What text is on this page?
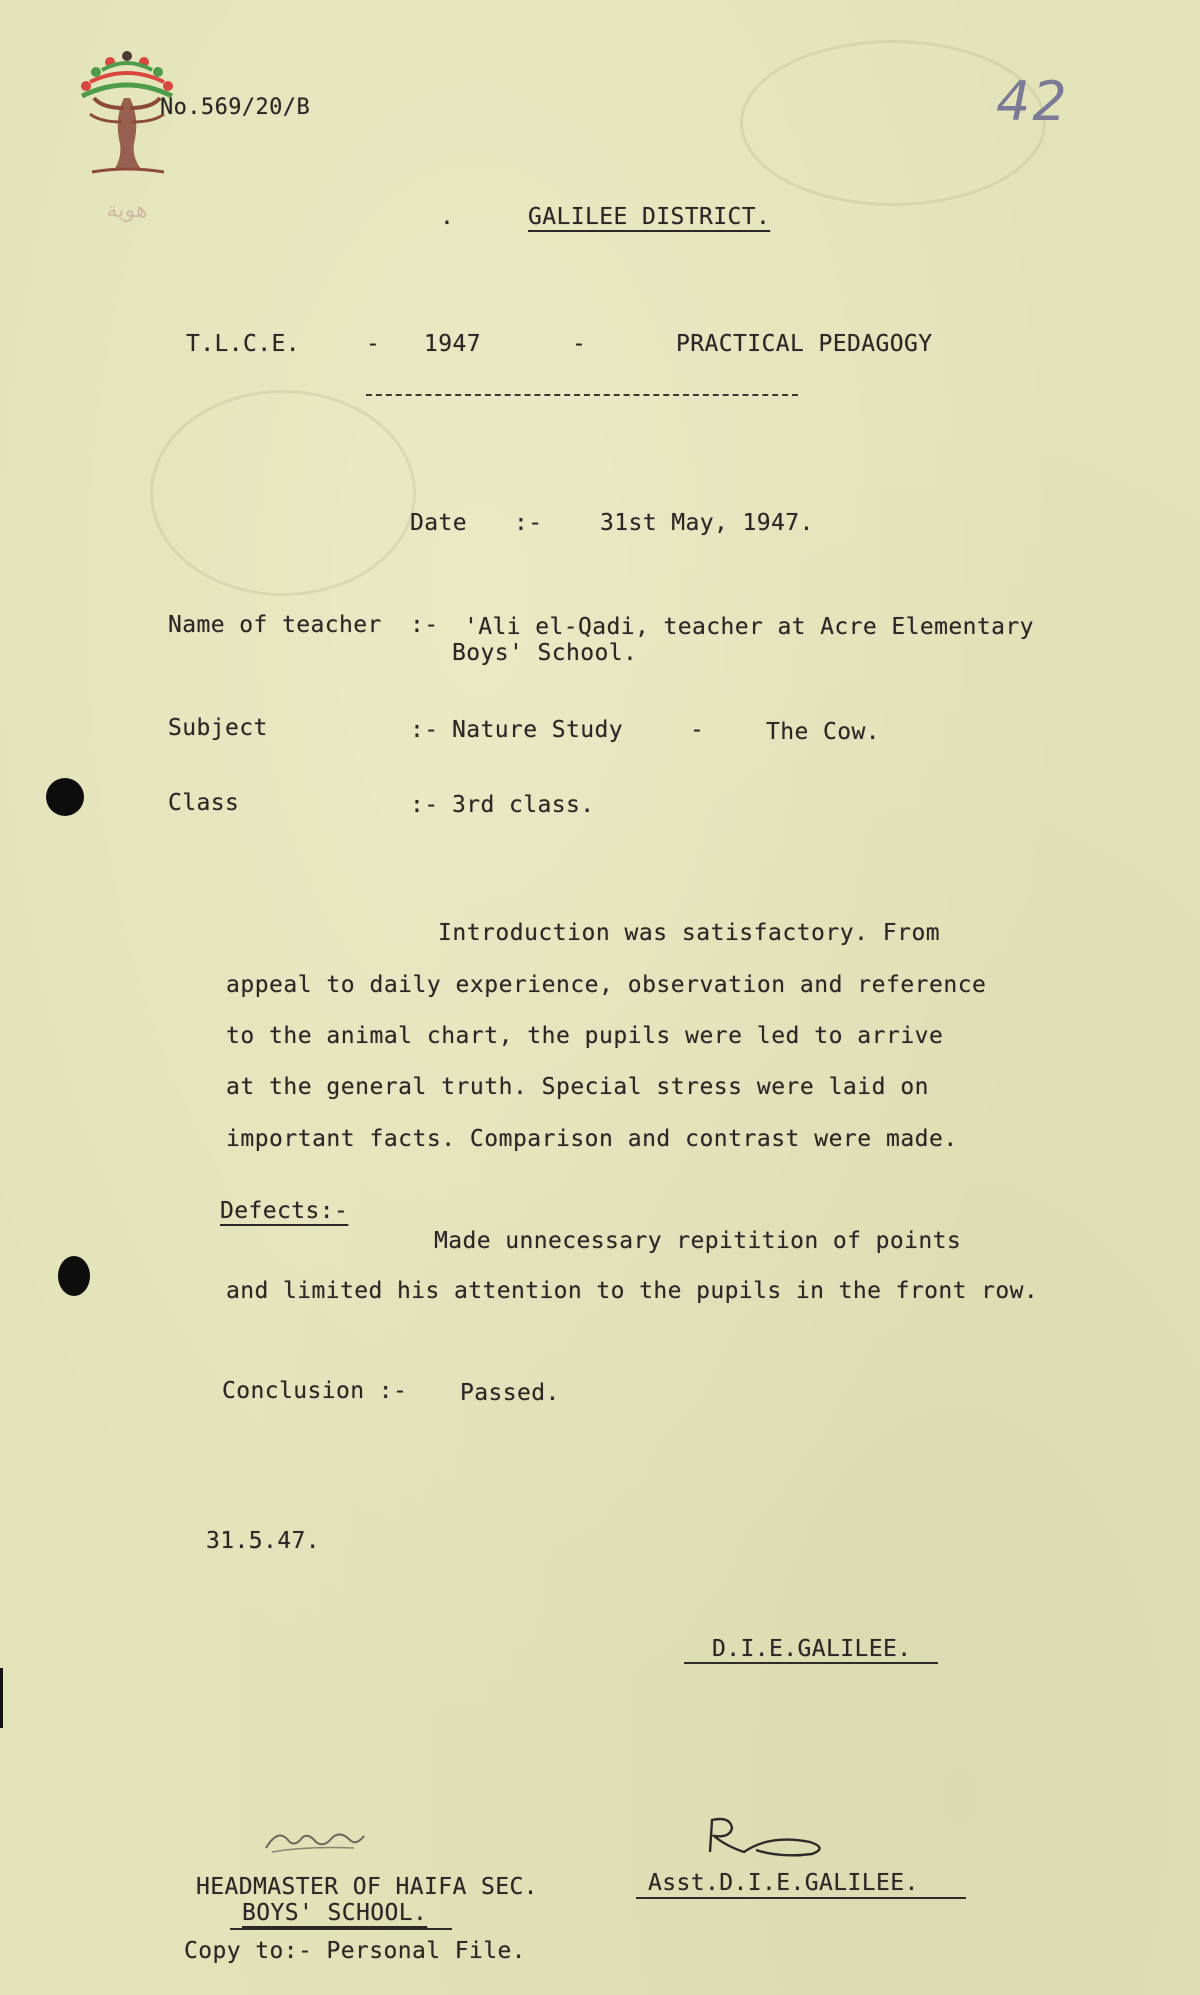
هوية
No.569/20/B	42
.	GALILEE DISTRICT.
T.L.C.E.	- 1947	-	PRACTICAL PEDAGOGY
Date :-	31st May, 1947.
Name of teacher :- 'Ali el-Qadi, teacher at Acre Elementary
Boys' School.
Subject	:- Nature Study	-	The Cow.
Class	:- 3rd class.
Introduction was satisfactory. From
appeal to daily experience, observation and reference
to the animal chart, the pupils were led to arrive
at the general truth. Special stress were laid on
important facts. Comparison and contrast were made.
Defects:-
Made unnecessary repitition of points
and limited his attention to the pupils in the front row.
Conclusion :- Passed.
31.5.47.
D.I.E.GALILEE.
HEADMASTER OF HAIFA SEC.
BOYS' SCHOOL.
Asst.D.I.E.GALILEE.
Copy to:- Personal File.
